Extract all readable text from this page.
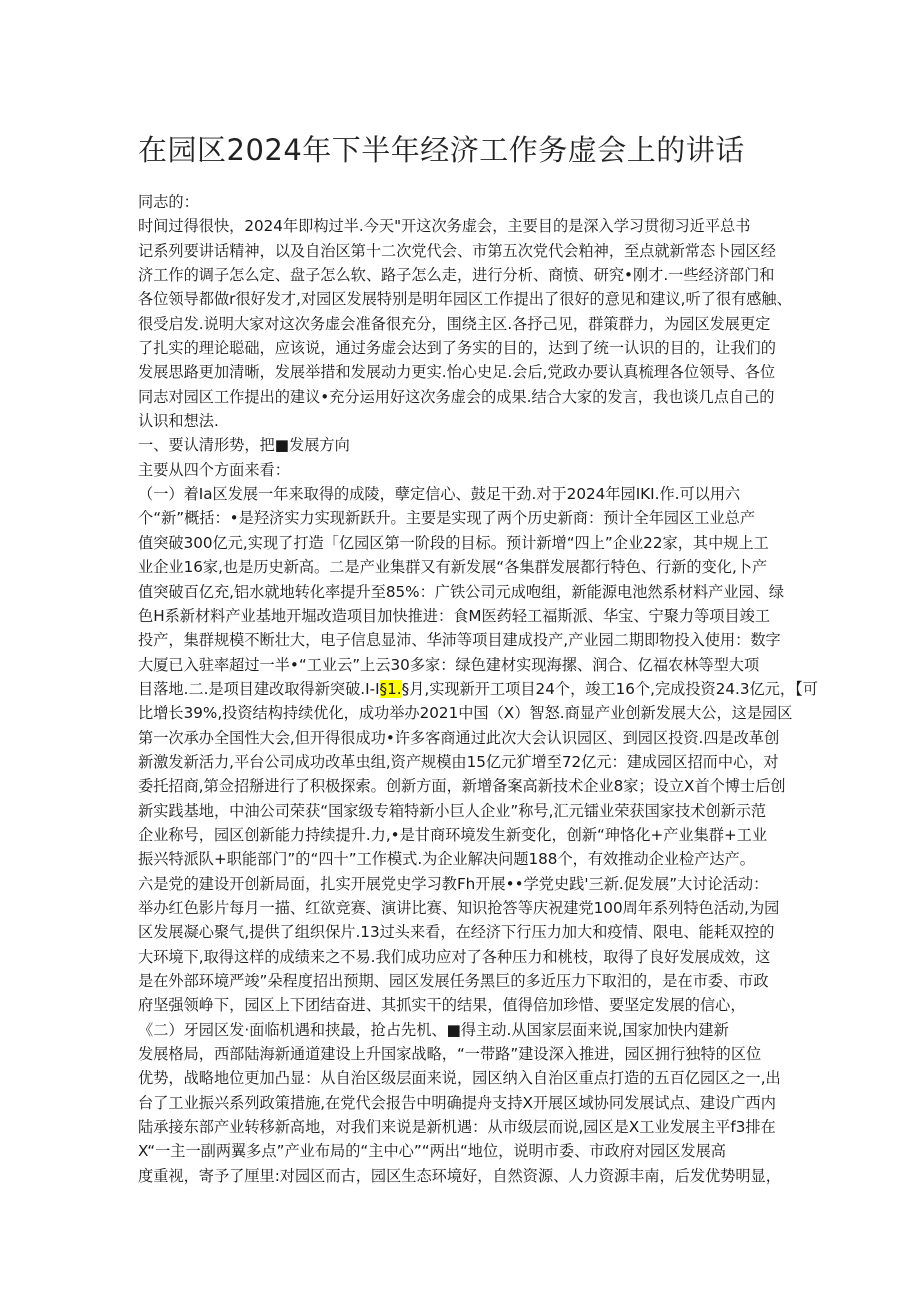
在园区2024年下半年经济工作务虚会上的讲话
同志的：
时间过得很快，2024年即构过半.今天"开这次务虚会，主要目的是深入学习贯彻习近平总书
记系列要讲话精神，以及自治区第十二次党代会、市第五次党代会粕神，至点就新常态卜园区经
济工作的调子怎么定、盘子怎么软、路子怎么走，进行分析、商愤、研究•刚才.一些经济部门和
各位领导都做r很好发才,对园区发展特别是明年园区工作提出了很好的意见和建议,听了很有感触、
很受启发.说明大家对这次务虚会准备很充分，围绕主区.各抒己见，群策群力，为园区发展更定
了扎实的理论聪础，应该说，通过务虚会达到了务实的目的，达到了统一认识的目的，让我们的
发展思路更加清晰，发展举措和发展动力更实.怡心史足.会后,党政办要认真梳理各位领导、各位
同志对园区工作提出的建议•充分运用好这次务虚会的成果.结合大家的发言，我也谈几点自己的
认识和想法.
一、要认清形势，把■发展方向
主要从四个方面来看：
（一）着Ia区发展一年来取得的成陵，孽定信心、鼓足干劲.对于2024年园IKI.作.可以用六
个“新”概括：•是羟济实力实现新跃升。主要是实现了两个历史新商：预计全年园区工业总产
值突破300亿元,实现了打造「亿园区第一阶段的目标。预计新增“四上”企业22家，其中规上工
业企业16家,也是历史新高。二是产业集群又有新发展“各集群发展都行特色、行新的变化,卜产
值突破百亿充,铝水就地转化率提升至85%：广铁公司元成咆组，新能源电池然系材料产业园、绿
色H系新材料产业基地开堀改造项目加快推进：食M医药轻工福斯派、华宝、宁聚力等项目竣工
投产，集群规模不断壮大，电子信息显沛、华沛等项目建成投产,产业园二期即物投入使用：数字
大厦已入驻率超过一半•“工业云”上云30多家：绿色建材实现海摞、润合、亿福农林等型大项
目落地.二.是项目建改取得新突破.I-I§1.§月,实现新开工项目24个，竣工16个,完成投资24.3亿元，【可
比增长39%,投资结构持续优化，成功举办2021中国（X）智怒.商显产业创新发展大公，这是园区
第一次承办全国性大会,但开得很成功•许多客商通过此次大会认识园区、到园区投资.四是改革创
新激发新活力,平台公司成功改革虫组,资产规模由15亿元犷增至72亿元：建成园区招而中心，对
委托招商,第佥招掰进行了积极探索。创新方面，新增备案高新技术企业8家；设立X首个博士后创
新实践基地，中油公司荣获“国家级专箱特新小巨人企业”称号,汇元镭业荣获国家技术创新示范
企业称号，园区创新能力持续提升.力,•是甘商环境发生新变化，创新“珅恪化+产业集群+工业
振兴特派队+职能部门”的“四十”工作模式.为企业解决问题188个，有效推动企业检产达产。
六是党的建设开创新局面，扎实开展党史学习教Fh开展••学党史践'三新.促发展”大讨论活动：
举办红色影片每月一描、红欲竞赛、演讲比赛、知识抢答等庆祝建党100周年系列特色活动,为园
区发展凝心聚气,提供了组织保片.13过头来看，在经济下行压力加大和疫情、限电、能耗双控的
大环境下,取得这样的成绩来之不易.我们成功应对了各种压力和桃枝，取得了良好发展成效，这
是在外部环境严竣”朵程度招出预期、园区发展任务黑巨的多近压力下取汨的，是在市委、市政
府坚强领峥下，园区上下团结奋进、其抓实干的结果，值得倍加珍惜、要坚定发展的信心，
《二）牙园区发·面临机遇和挟最，抢占先机、■得主动.从国家层面来说,国家加快内建新
发展格局，西部陆海新通道建设上升国家战略，“一带路”建设深入推进，园区拥行独特的区位
优势，战略地位更加凸显：从自治区级层面来说，园区纳入自治区重点打造的五百亿园区之一,出
台了工业振兴系列政策措施,在党代会报告中明确提舟支持X开展区域协同发展试点、建设广西内
陆承接东部产业转移新高地，对我们来说是新机遇：从市级层而说,园区是X工业发展主平f3排在
X“一主一副两翼多点”产业布局的“主中心”“两出“地位，说明市委、市政府对园区发展高
度重视，寄予了厘里:对园区而古，园区生态环境好，自然资源、人力资源丰南，后发优势明显，
